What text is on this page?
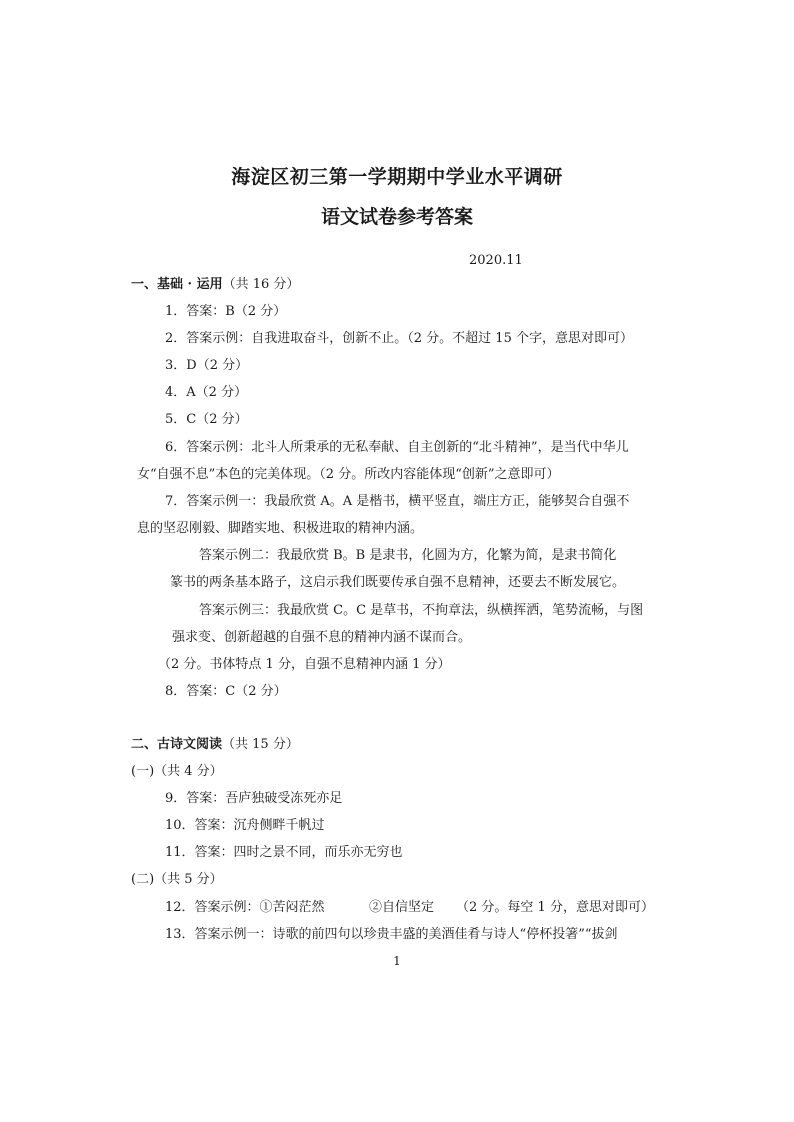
海淀区初三第一学期期中学业水平调研
语文试卷参考答案
2020.11
一、基础 · 运用（共 16 分）
1．答案：B（2 分）
2．答案示例：自我进取奋斗，创新不止。（2 分。不超过 15 个字，意思对即可）
3．D（2 分）
4．A（2 分）
5．C（2 分）
6．答案示例：北斗人所秉承的无私奉献、自主创新的“北斗精神”，是当代中华儿
女“自强不息”本色的完美体现。（2 分。所改内容能体现“创新”之意即可）
7．答案示例一：我最欣赏 A。A 是楷书，横平竖直，端庄方正，能够契合自强不
息的坚忍刚毅、脚踏实地、积极进取的精神内涵。
答案示例二：我最欣赏 B。B 是隶书，化圆为方，化繁为简，是隶书简化
篆书的两条基本路子，这启示我们既要传承自强不息精神，还要去不断发展它。
答案示例三：我最欣赏 C。C 是草书，不拘章法，纵横挥洒，笔势流畅，与图
强求变、创新超越的自强不息的精神内涵不谋而合。
（2 分。书体特点 1 分，自强不息精神内涵 1 分）
8．答案：C（2 分）
二、古诗文阅读（共 15 分）
(一)（共 4 分）
9．答案：吾庐独破受冻死亦足
10．答案：沉舟侧畔千帆过
11．答案：四时之景不同，而乐亦无穷也
(二)（共 5 分）
12．答案示例：①苦闷茫然	②自信坚定 （2 分。每空 1 分，意思对即可）
13．答案示例一：诗歌的前四句以珍贵丰盛的美酒佳肴与诗人“停杯投箸”“拔剑
1
